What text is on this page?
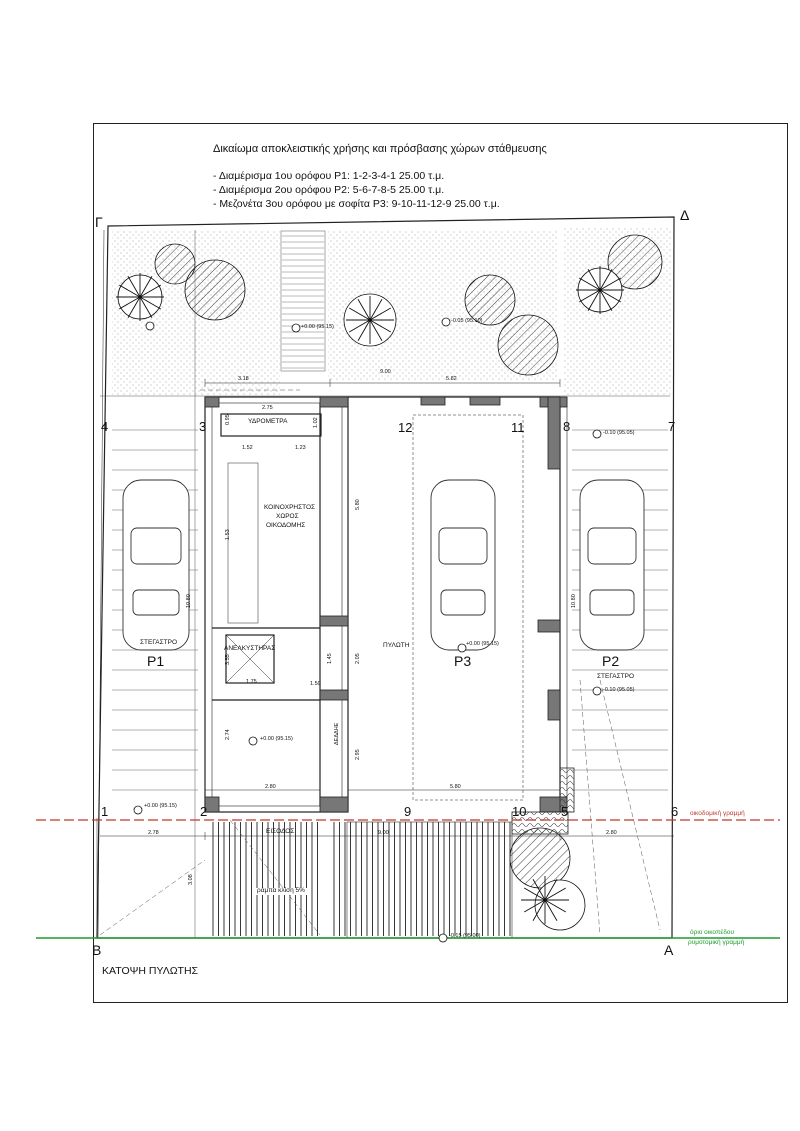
Δικαίωμα αποκλειστικής χρήσης και πρόσβασης χώρων στάθμευσης
- Διαμέρισμα 1ου ορόφου P1: 1-2-3-4-1 25.00 τ.μ.
- Διαμέρισμα 2ου ορόφου P2: 5-6-7-8-5 25.00 τ.μ.
- Μεζονέτα 3ου ορόφου με σοφίτα P3: 9-10-11-12-9 25.00 τ.μ.
Γ	Δ
Β	Α
4	3	12	11	8	7
1	2	9	10	5	6
P1	P2
P3
ΣΤΕΓΑΣΤΡΟ
ΣΤΕΓΑΣΤΡΟ
ΥΔΡΟΜΕΤΡΑ
ΚΟΙΝΟΧΡΗΣΤΟΣ
ΧΩΡΟΣ
ΟΙΚΟΔΟΜΗΣ
ΑΝΕΛΚΥΣΤΗΡΑΣ	ΠΥΛΩΤΗ
ΕΙΣΟΔΟΣ
ράμπα κλίση 5%
ΔΕΔΔΗΕ
οικοδομική γραμμή
όριο οικοπέδου
ρυμοτομική γραμμή
+0.00 (95.15)
-0.05 (95.10)
-0.10 (95.05)
+0.00 (95.15)
-0.10 (95.05)
+0.00 (95.15)
+0.00 (95.15)
-0.15 (95.00)
3.18
9.00
5.82
2.75
0.95	1.02
1.52	1.23
5.80
10.80	10.80
1.75	1.50
1.45	2.05
2.95
2.80	5.80
2.78	9.00	2.80
3.08
1.53
3.55
2.74
ΚΑΤΟΨΗ ΠΥΛΩΤΗΣ
